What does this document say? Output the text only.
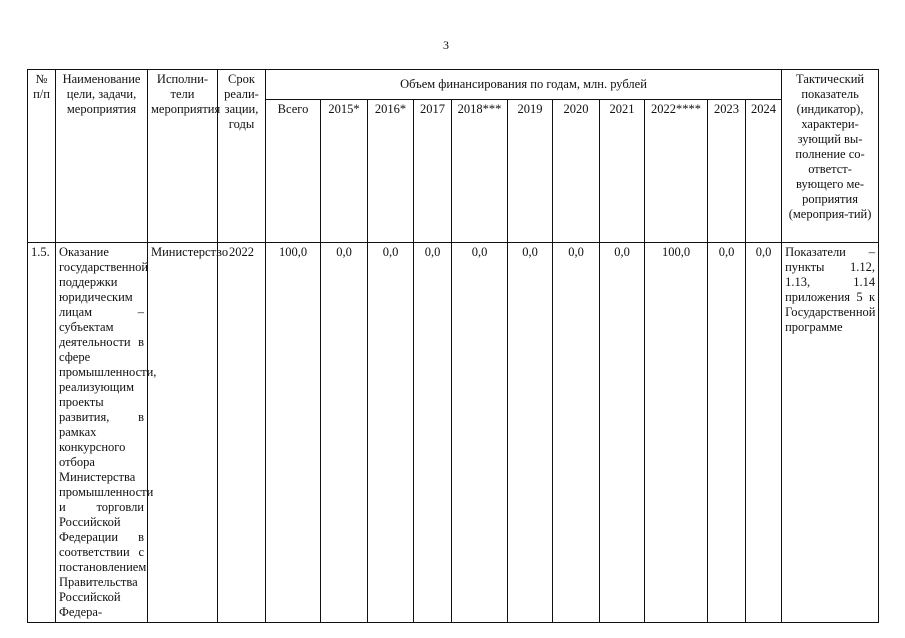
3
№ п/п	Наименование цели, задачи, мероприятия	Исполни-тели мероприятия	Срок реали-зации, годы	Объем финансирования по годам, млн. рублей											Тактический показатель (индикатор), характери-зующий вы-полнение со-ответст-вующего ме-роприятия (мероприя-тий)
				Всего	2015*	2016*	2017	2018***	2019	2020	2021	2022****	2023	2024	
1.5.	Оказание государственной поддержки юридическим лицам – субъектам деятельности в сфере промышленности, реализующим проекты развития, в рамках конкурсного отбора Министерства промышленности и торговли Российской Федерации в соответствии с постановлением Правительства Российской Федера-	Министерство	2022	100,0	0,0	0,0	0,0	0,0	0,0	0,0	0,0	100,0	0,0	0,0	Показатели – пункты 1.12, 1.13, 1.14 приложения 5 к Государственной программе
